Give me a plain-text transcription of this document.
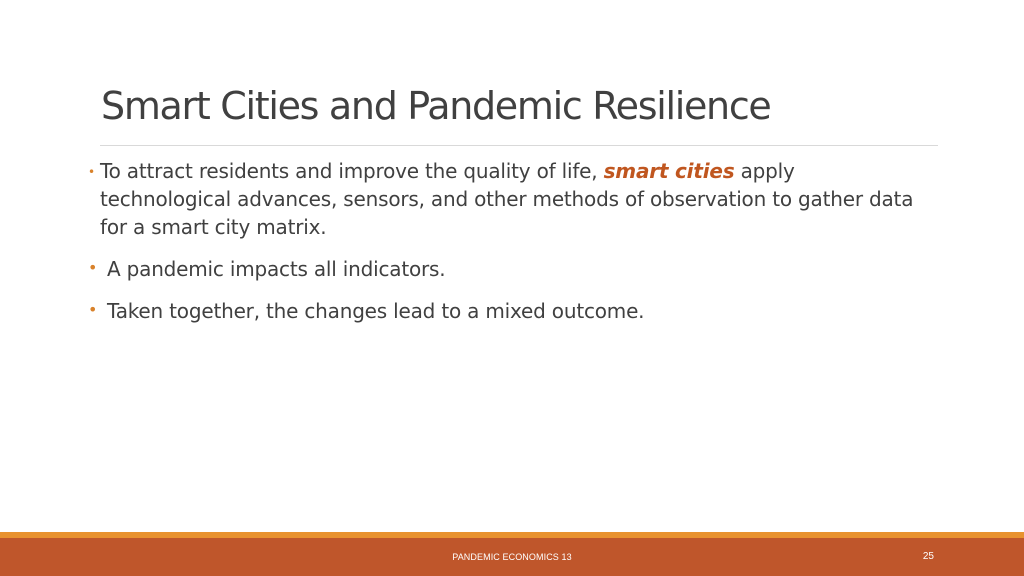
Smart Cities and Pandemic Resilience
• To attract residents and improve the quality of life, smart cities apply technological advances, sensors, and other methods of observation to gather data for a smart city matrix.
• A pandemic impacts all indicators.
• Taken together, the changes lead to a mixed outcome.
PANDEMIC ECONOMICS 13	25
